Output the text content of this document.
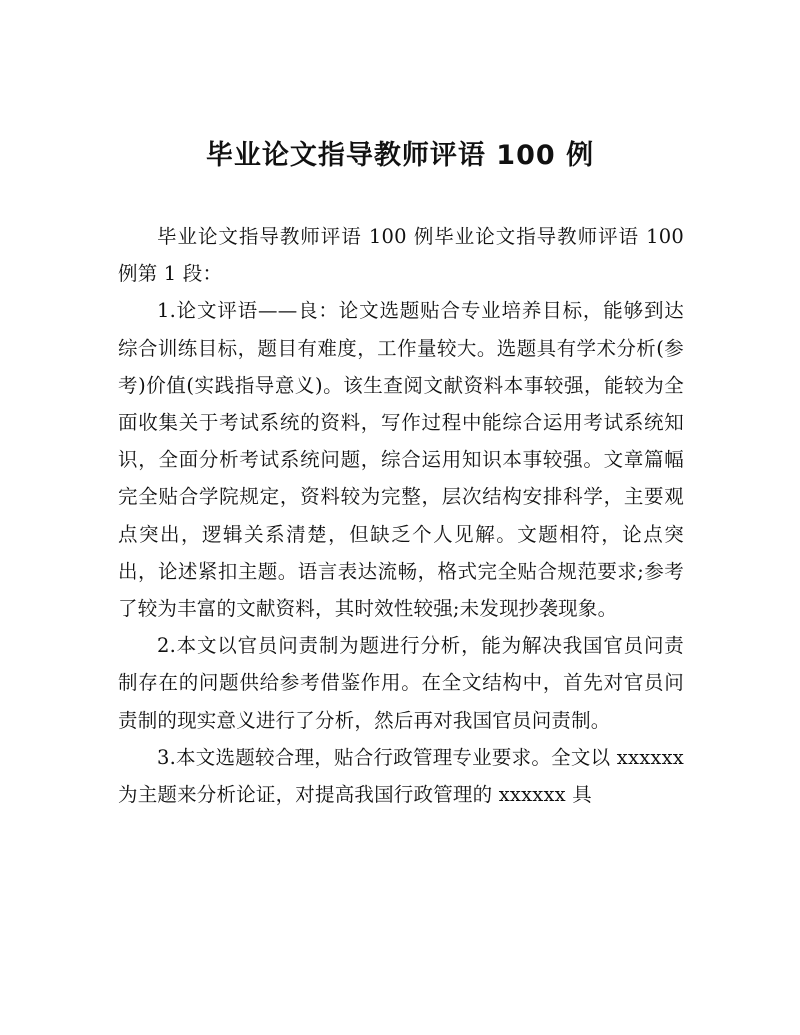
毕业论文指导教师评语 100 例

毕业论文指导教师评语 100 例毕业论文指导教师评语 100 例第 1 段：

1.论文评语——良：论文选题贴合专业培养目标，能够到达综合训练目标，题目有难度，工作量较大。选题具有学术分析(参考)价值(实践指导意义)。该生查阅文献资料本事较强，能较为全面收集关于考试系统的资料，写作过程中能综合运用考试系统知识，全面分析考试系统问题，综合运用知识本事较强。文章篇幅完全贴合学院规定，资料较为完整，层次结构安排科学，主要观点突出，逻辑关系清楚，但缺乏个人见解。文题相符，论点突出，论述紧扣主题。语言表达流畅，格式完全贴合规范要求;参考了较为丰富的文献资料，其时效性较强;未发现抄袭现象。

2.本文以官员问责制为题进行分析，能为解决我国官员问责制存在的问题供给参考借鉴作用。在全文结构中，首先对官员问责制的现实意义进行了分析，然后再对我国官员问责制。

3.本文选题较合理，贴合行政管理专业要求。全文以 xxxxxx 为主题来分析论证，对提高我国行政管理的 xxxxxx 具
